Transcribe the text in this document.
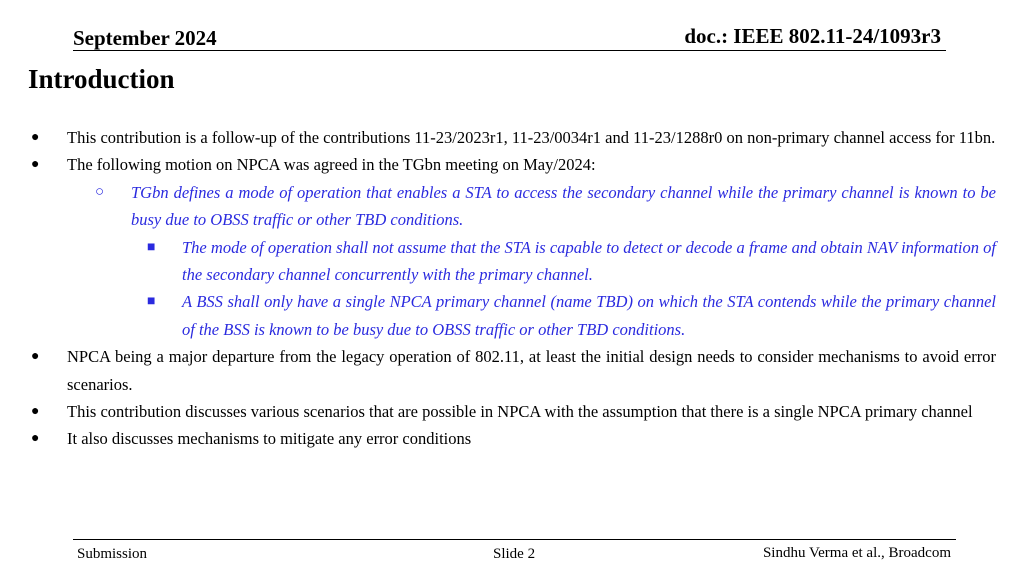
September 2024	doc.: IEEE 802.11-24/1093r3
Introduction
● This contribution is a follow-up of the contributions 11-23/2023r1, 11-23/0034r1 and 11-23/1288r0 on non-primary channel access for 11bn.
● The following motion on NPCA was agreed in the TGbn meeting on May/2024:
○ TGbn defines a mode of operation that enables a STA to access the secondary channel while the primary channel is known to be busy due to OBSS traffic or other TBD conditions.
■ The mode of operation shall not assume that the STA is capable to detect or decode a frame and obtain NAV information of the secondary channel concurrently with the primary channel.
■ A BSS shall only have a single NPCA primary channel (name TBD) on which the STA contends while the primary channel of the BSS is known to be busy due to OBSS traffic or other TBD conditions.
● NPCA being a major departure from the legacy operation of 802.11, at least the initial design needs to consider mechanisms to avoid error scenarios.
● This contribution discusses various scenarios that are possible in NPCA with the assumption that there is a single NPCA primary channel
● It also discusses mechanisms to mitigate any error conditions
Submission	Slide 2	Sindhu Verma et al., Broadcom
